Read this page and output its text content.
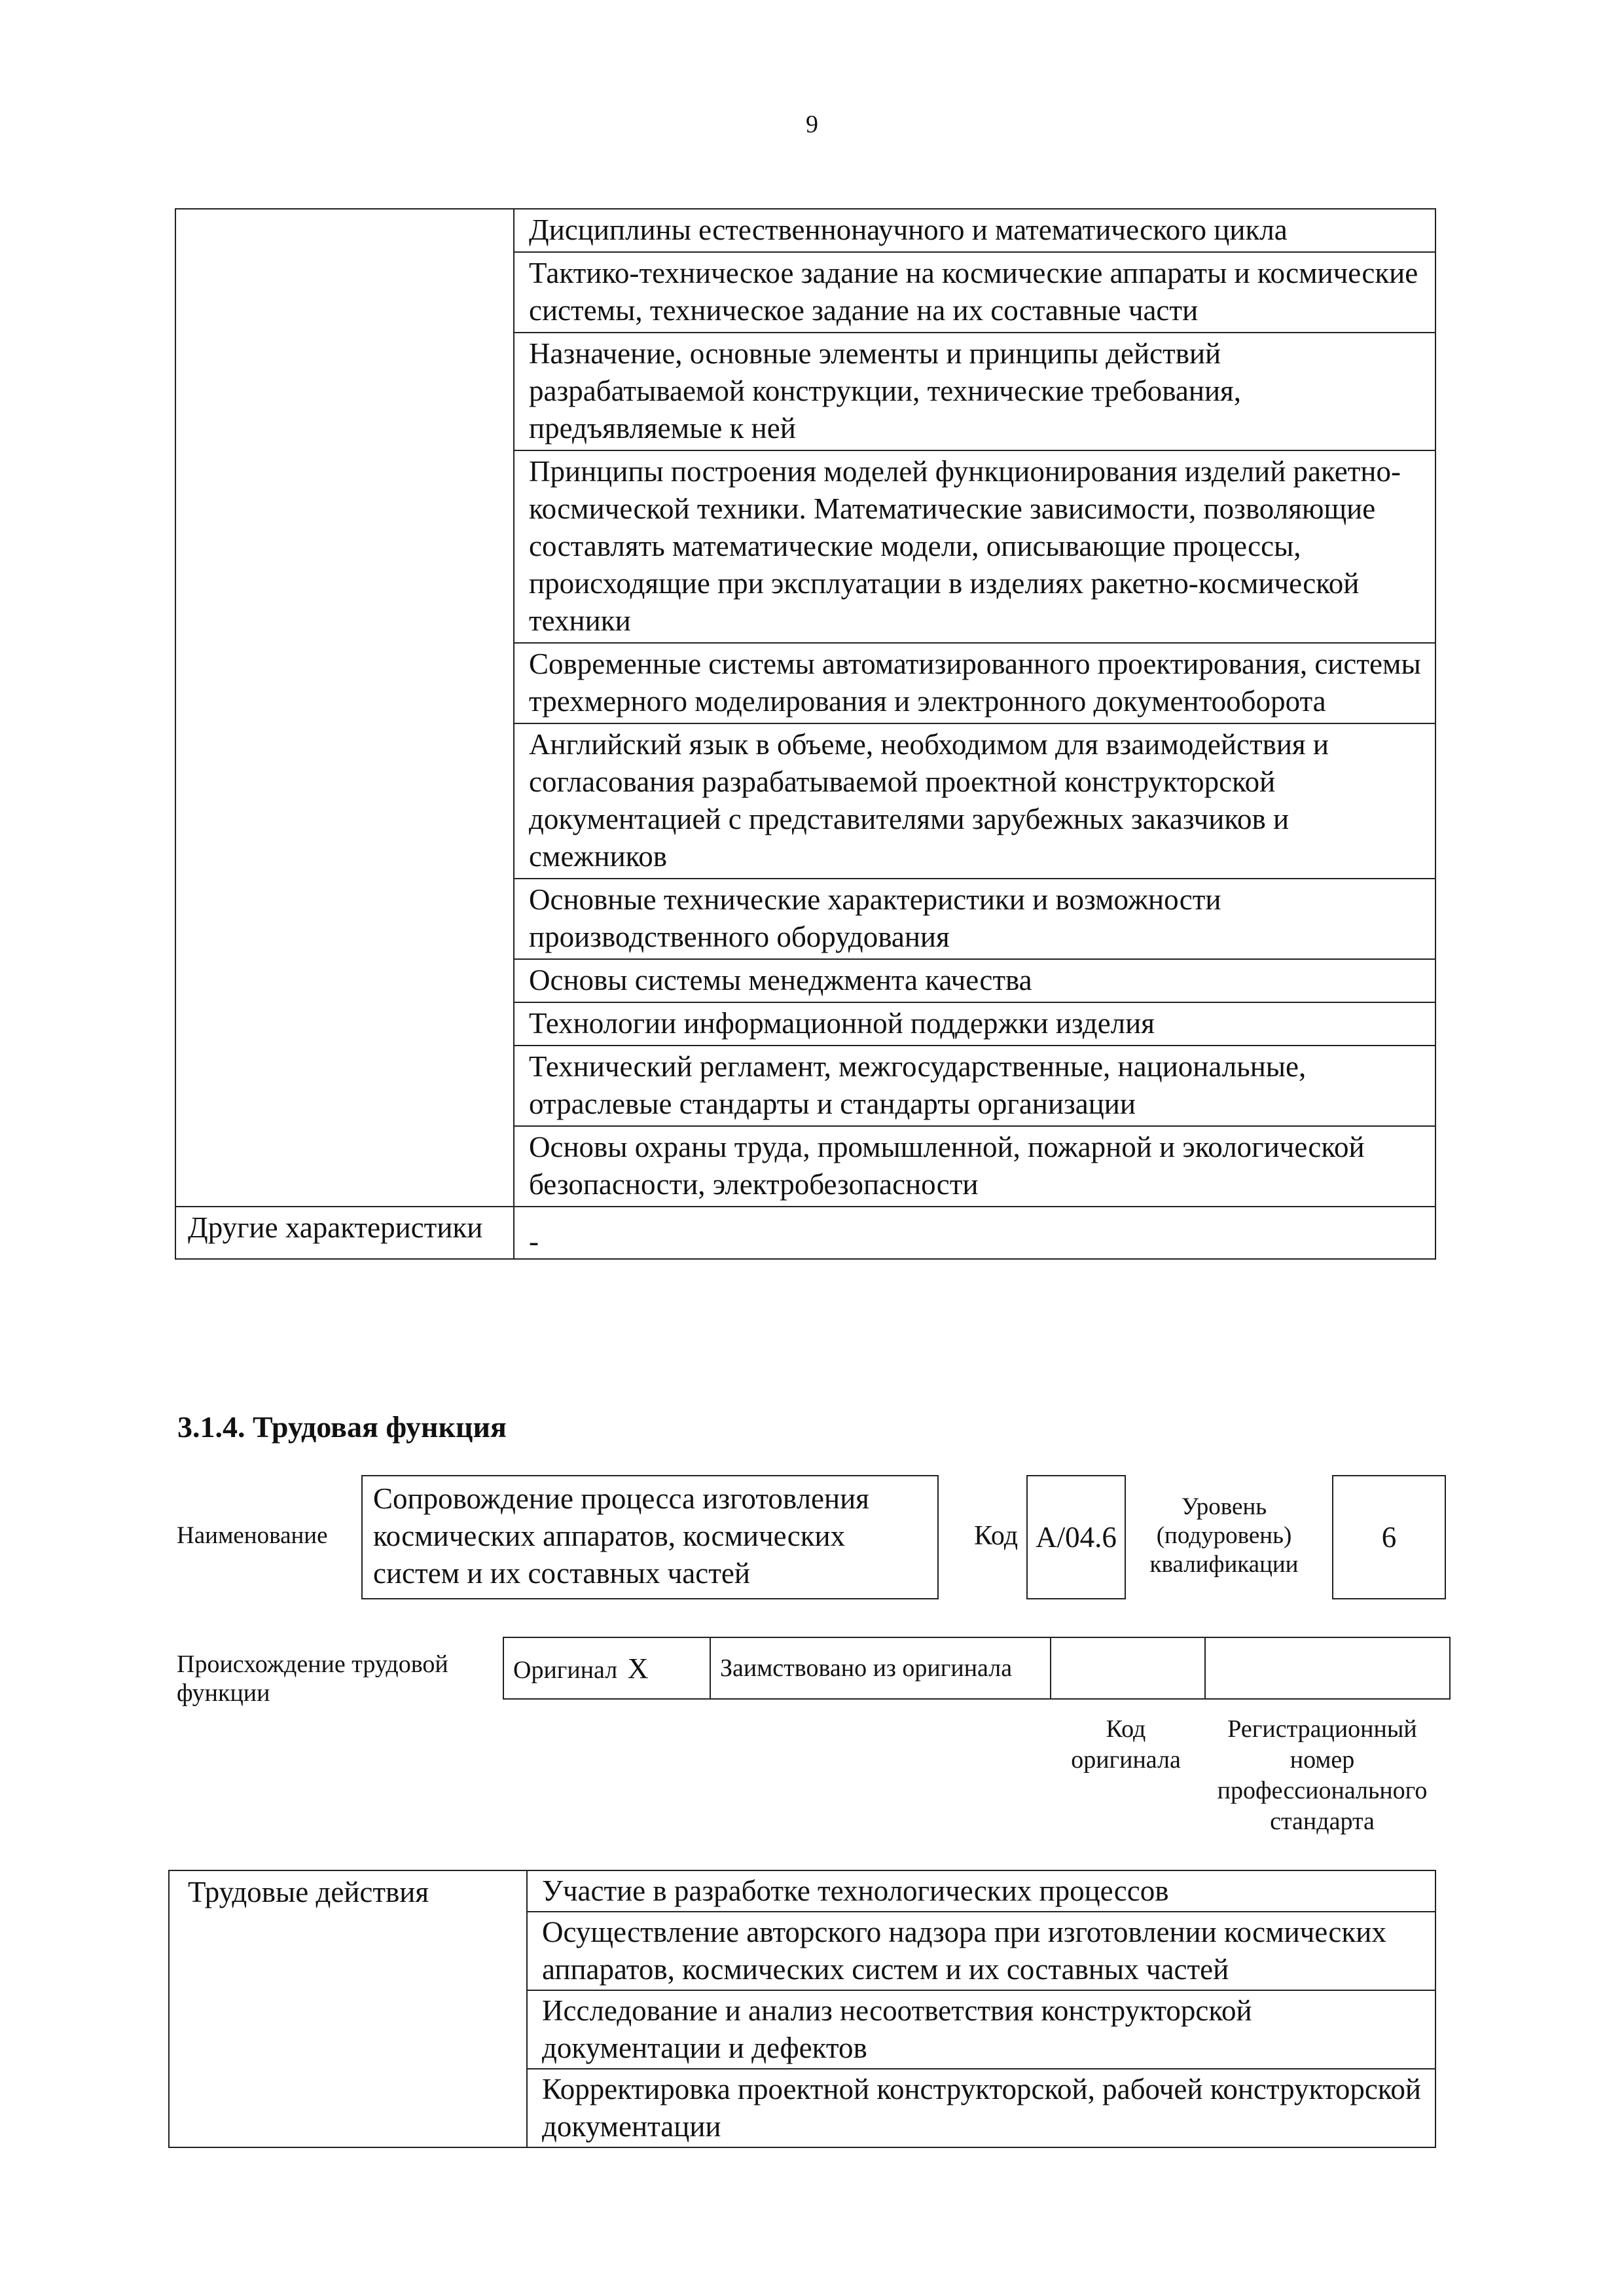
9
	Дисциплины естественнонаучного и математического цикла
	Тактико-техническое задание на космические аппараты и космические системы, техническое задание на их составные части
	Назначение, основные элементы и принципы действий разрабатываемой конструкции, технические требования, предъявляемые к ней
	Принципы построения моделей функционирования изделий ракетно-космической техники. Математические зависимости, позволяющие составлять математические модели, описывающие процессы, происходящие при эксплуатации в изделиях ракетно-космической техники
	Современные системы автоматизированного проектирования, системы трехмерного моделирования и электронного документооборота
	Английский язык в объеме, необходимом для взаимодействия и согласования разрабатываемой проектной конструкторской документацией с представителями зарубежных заказчиков и смежников
	Основные технические характеристики и возможности производственного оборудования
	Основы системы менеджмента качества
	Технологии информационной поддержки изделия
	Технический регламент, межгосударственные, национальные, отраслевые стандарты и стандарты организации
	Основы охраны труда, промышленной, пожарной и экологической безопасности, электробезопасности
Другие характеристики	-
3.1.4. Трудовая функция
Наименование
Сопровождение процесса изготовления космических аппаратов, космических систем и их составных частей
Код A/04.6
Уровень (подуровень) квалификации
6
Происхождение трудовой функции
Оригинал X	Заимствовано из оригинала		
Код оригинала
Регистрационный номер профессионального стандарта
Трудовые действия	Участие в разработке технологических процессов
Осуществление авторского надзора при изготовлении космических аппаратов, космических систем и их составных частей
Исследование и анализ несоответствия конструкторской документации и дефектов
Корректировка проектной конструкторской, рабочей конструкторской документации
